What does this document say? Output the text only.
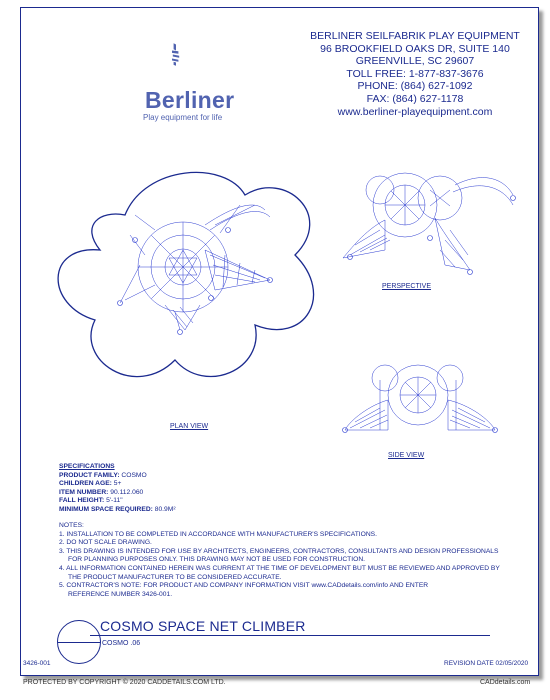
Berliner
Play equipment for life
BERLINER SEILFABRIK PLAY EQUIPMENT
96 BROOKFIELD OAKS DR, SUITE 140
GREENVILLE, SC 29607
TOLL FREE: 1-877-837-3676
PHONE: (864) 627-1092
FAX: (864) 627-1178
www.berliner-playequipment.com
PLAN VIEW
PERSPECTIVE
SIDE VIEW
SPECIFICATIONS
PRODUCT FAMILY: COSMO
CHILDREN AGE: 5+
ITEM NUMBER: 90.112.060
FALL HEIGHT: 5'-11"
MINIMUM SPACE REQUIRED: 80.9M²
NOTES:
1. INSTALLATION TO BE COMPLETED IN ACCORDANCE WITH MANUFACTURER'S SPECIFICATIONS.
2. DO NOT SCALE DRAWING.
3. THIS DRAWING IS INTENDED FOR USE BY ARCHITECTS, ENGINEERS, CONTRACTORS, CONSULTANTS AND DESIGN PROFESSIONALS
FOR PLANNING PURPOSES ONLY. THIS DRAWING MAY NOT BE USED FOR CONSTRUCTION.
4. ALL INFORMATION CONTAINED HEREIN WAS CURRENT AT THE TIME OF DEVELOPMENT BUT MUST BE REVIEWED AND APPROVED BY
THE PRODUCT MANUFACTURER TO BE CONSIDERED ACCURATE.
5. CONTRACTOR'S NOTE: FOR PRODUCT AND COMPANY INFORMATION VISIT www.CADdetails.com/info AND ENTER
REFERENCE NUMBER 3426-001.
COSMO SPACE NET CLIMBER
COSMO .06
3426-001	REVISION DATE 02/05/2020
PROTECTED BY COPYRIGHT © 2020 CADDETAILS.COM LTD.	CADdetails.com
